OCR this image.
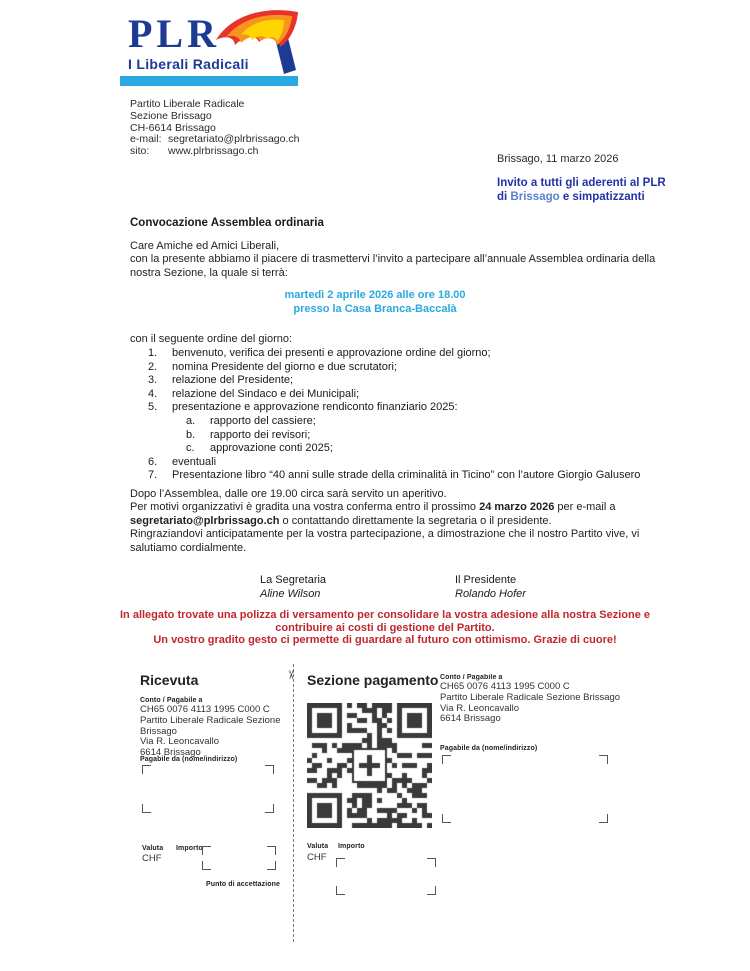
PLR
I Liberali Radicali
Partito Liberale Radicale
Sezione Brissago
CH-6614 Brissago
e-mail: segretariato@plrbrissago.ch
sito: www.plrbrissago.ch
Brissago, 11 marzo 2026
Invito a tutti gli aderenti al PLR
di Brissago e simpatizzanti
Convocazione Assemblea ordinaria
Care Amiche ed Amici Liberali,
con la presente abbiamo il piacere di trasmettervi l’invito a partecipare all’annuale Assemblea ordinaria della
nostra Sezione, la quale si terrà:
martedì 2 aprile 2026 alle ore 18.00
presso la Casa Branca-Baccalà
con il seguente ordine del giorno:
1.	benvenuto, verifica dei presenti e approvazione ordine del giorno;
2.	nomina Presidente del giorno e due scrutatori;
3.	relazione del Presidente;
4.	relazione del Sindaco e dei Municipali;
5.	presentazione e approvazione rendiconto finanziario 2025:
a.	rapporto del cassiere;
b.	rapporto dei revisori;
c.	approvazione conti 2025;
6.	eventuali
7.	Presentazione libro “40 anni sulle strade della criminalità in Ticino” con l’autore Giorgio Galusero
Dopo l’Assemblea, dalle ore 19.00 circa sarà servito un aperitivo.
Per motivi organizzativi è gradita una vostra conferma entro il prossimo 24 marzo 2026 per e-mail a
segretariato@plrbrissago.ch o contattando direttamente la segretaria o il presidente.
Ringraziandovi anticipatamente per la vostra partecipazione, a dimostrazione che il nostro Partito vive, vi
salutiamo cordialmente.
La Segretaria
Aline Wilson
Il Presidente
Rolando Hofer
In allegato trovate una polizza di versamento per consolidare la vostra adesione alla nostra Sezione e
contribuire ai costi di gestione del Partito.
Un vostro gradito gesto ci permette di guardare al futuro con ottimismo. Grazie di cuore!
✂
Ricevuta
Conto / Pagabile a
CH65 0076 4113 1995 C000 C
Partito Liberale Radicale Sezione
Brissago
Via R. Leoncavallo
6614 Brissago
Pagabile da (nome/indirizzo)
Valuta Importo
CHF
Punto di accettazione
Sezione pagamento
Valuta Importo
CHF
Conto / Pagabile a
CH65 0076 4113 1995 C000 C
Partito Liberale Radicale Sezione Brissago
Via R. Leoncavallo
6614 Brissago
Pagabile da (nome/indirizzo)
